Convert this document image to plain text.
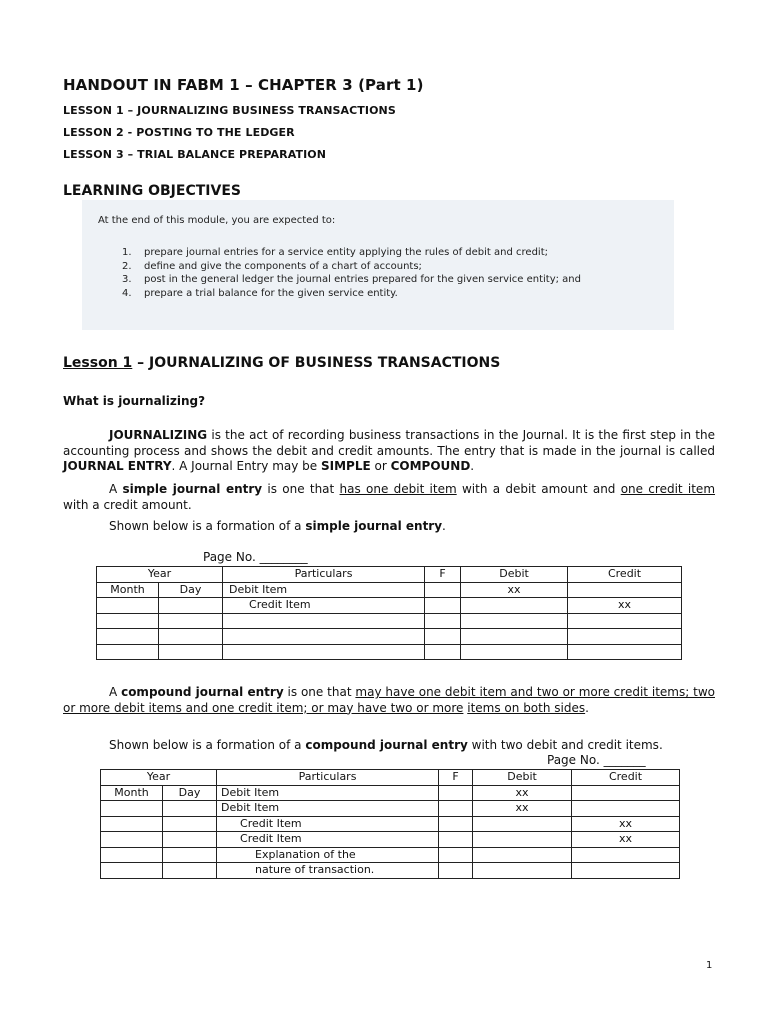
HANDOUT IN FABM 1 – CHAPTER 3 (Part 1)
LESSON 1 – JOURNALIZING BUSINESS TRANSACTIONS
LESSON 2 - POSTING TO THE LEDGER
LESSON 3 – TRIAL BALANCE PREPARATION
LEARNING OBJECTIVES
At the end of this module, you are expected to:
1.	prepare journal entries for a service entity applying the rules of debit and credit;
2.	define and give the components of a chart of accounts;
3.	post in the general ledger the journal entries prepared for the given service entity; and
4.	prepare a trial balance for the given service entity.
Lesson 1 – JOURNALIZING OF BUSINESS TRANSACTIONS
What is journalizing?

JOURNALIZING is the act of recording business transactions in the Journal. It is the first step in the accounting process and shows the debit and credit amounts. The entry that is made in the journal is called JOURNAL ENTRY. A Journal Entry may be SIMPLE or COMPOUND.

A simple journal entry is one that has one debit item with a debit amount and one credit item with a credit amount.

Shown below is a formation of a simple journal entry.
Page No. ________
Year		Particulars	F	Debit	Credit
Month	Day	Debit Item		xx	
		Credit Item			xx

A compound journal entry is one that may have one debit item and two or more credit items; two or more debit items and one credit item; or may have two or more items on both sides.

Shown below is a formation of a compound journal entry with two debit and credit items.
Page No. _______
Year		Particulars	F	Debit	Credit
Month	Day	Debit Item		xx	
		Debit Item		xx	
		Credit Item			xx
		Credit Item			xx
		Explanation of the			
		nature of transaction.			
1
